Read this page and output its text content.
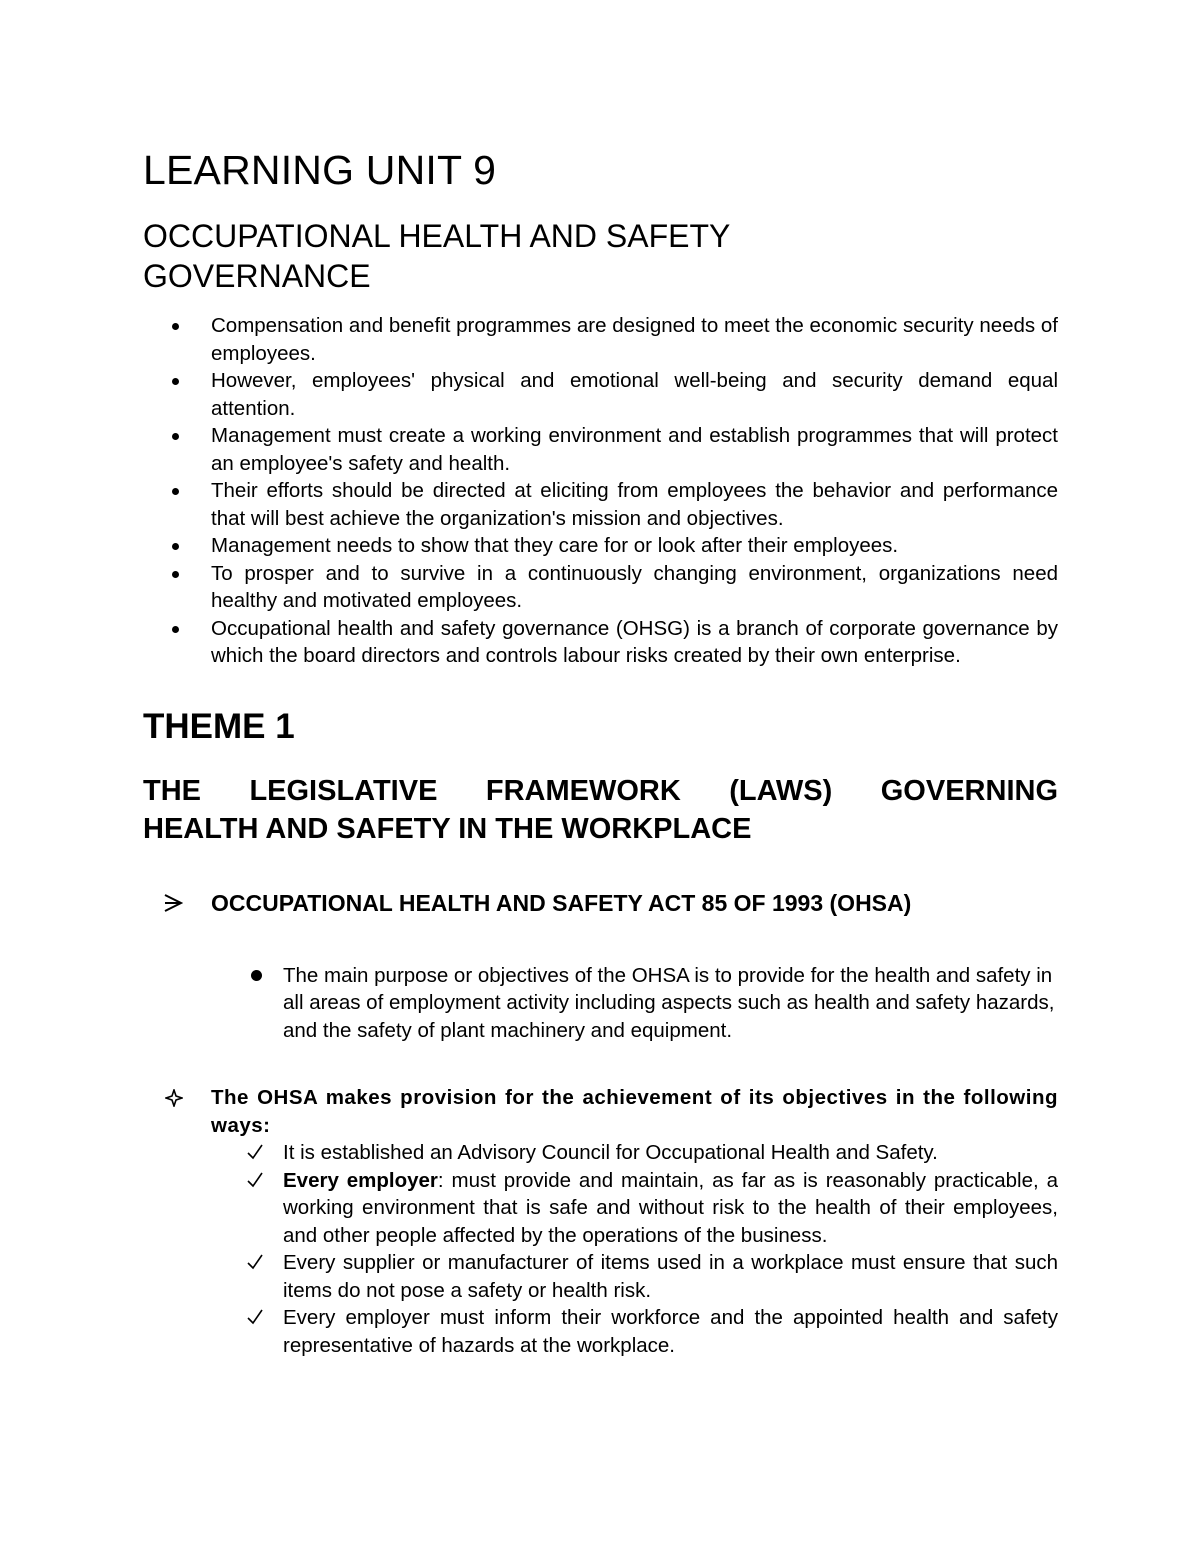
LEARNING UNIT 9
OCCUPATIONAL HEALTH AND SAFETY GOVERNANCE
Compensation and benefit programmes are designed to meet the economic security needs of employees.
However, employees' physical and emotional well-being and security demand equal attention.
Management must create a working environment and establish programmes that will protect an employee's safety and health.
Their efforts should be directed at eliciting from employees the behavior and performance that will best achieve the organization's mission and objectives.
Management needs to show that they care for or look after their employees.
To prosper and to survive in a continuously changing environment, organizations need healthy and motivated employees.
Occupational health and safety governance (OHSG) is a branch of corporate governance by which the board directors and controls labour risks created by their own enterprise.
THEME 1
THE LEGISLATIVE FRAMEWORK (LAWS) GOVERNING
HEALTH AND SAFETY IN THE WORKPLACE
OCCUPATIONAL HEALTH AND SAFETY ACT 85 OF 1993 (OHSA)
The main purpose or objectives of the OHSA is to provide for the health and safety in all areas of employment activity including aspects such as health and safety hazards, and the safety of plant machinery and equipment.
The OHSA makes provision for the achievement of its objectives in the following ways:
It is established an Advisory Council for Occupational Health and Safety.
Every employer: must provide and maintain, as far as is reasonably practicable, a working environment that is safe and without risk to the health of their employees, and other people affected by the operations of the business.
Every supplier or manufacturer of items used in a workplace must ensure that such items do not pose a safety or health risk.
Every employer must inform their workforce and the appointed health and safety representative of hazards at the workplace.
